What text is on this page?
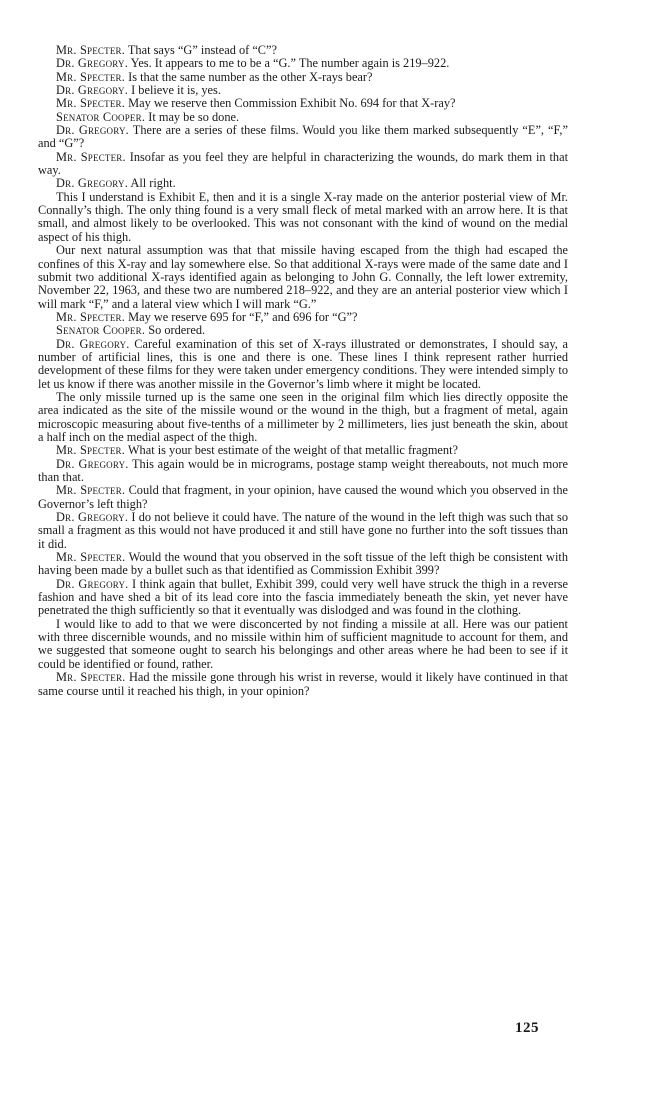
Mr. Specter. That says “G” instead of “C”?

Dr. Gregory. Yes. It appears to me to be a “G.” The number again is 219–922.

Mr. Specter. Is that the same number as the other X-rays bear?

Dr. Gregory. I believe it is, yes.

Mr. Specter. May we reserve then Commission Exhibit No. 694 for that X-ray?

Senator Cooper. It may be so done.

Dr. Gregory. There are a series of these films. Would you like them marked subsequently “E”, “F,” and “G”?

Mr. Specter. Insofar as you feel they are helpful in characterizing the wounds, do mark them in that way.

Dr. Gregory. All right.

This I understand is Exhibit E, then and it is a single X-ray made on the anterior posterial view of Mr. Connally’s thigh. The only thing found is a very small fleck of metal marked with an arrow here. It is that small, and almost likely to be overlooked. This was not consonant with the kind of wound on the medial aspect of his thigh.

Our next natural assumption was that that missile having escaped from the thigh had escaped the confines of this X-ray and lay somewhere else. So that additional X-rays were made of the same date and I submit two additional X-rays identified again as belonging to John G. Connally, the left lower extremity, November 22, 1963, and these two are numbered 218–922, and they are an anterial posterior view which I will mark “F,” and a lateral view which I will mark “G.”

Mr. Specter. May we reserve 695 for “F,” and 696 for “G”?

Senator Cooper. So ordered.

Dr. Gregory. Careful examination of this set of X-rays illustrated or demonstrates, I should say, a number of artificial lines, this is one and there is one. These lines I think represent rather hurried development of these films for they were taken under emergency conditions. They were intended simply to let us know if there was another missile in the Governor’s limb where it might be located.

The only missile turned up is the same one seen in the original film which lies directly opposite the area indicated as the site of the missile wound or the wound in the thigh, but a fragment of metal, again microscopic measuring about five-tenths of a millimeter by 2 millimeters, lies just beneath the skin, about a half inch on the medial aspect of the thigh.

Mr. Specter. What is your best estimate of the weight of that metallic fragment?

Dr. Gregory. This again would be in micrograms, postage stamp weight thereabouts, not much more than that.

Mr. Specter. Could that fragment, in your opinion, have caused the wound which you observed in the Governor’s left thigh?

Dr. Gregory. I do not believe it could have. The nature of the wound in the left thigh was such that so small a fragment as this would not have produced it and still have gone no further into the soft tissues than it did.

Mr. Specter. Would the wound that you observed in the soft tissue of the left thigh be consistent with having been made by a bullet such as that identified as Commission Exhibit 399?

Dr. Gregory. I think again that bullet, Exhibit 399, could very well have struck the thigh in a reverse fashion and have shed a bit of its lead core into the fascia immediately beneath the skin, yet never have penetrated the thigh sufficiently so that it eventually was dislodged and was found in the clothing.

I would like to add to that we were disconcerted by not finding a missile at all. Here was our patient with three discernible wounds, and no missile within him of sufficient magnitude to account for them, and we suggested that someone ought to search his belongings and other areas where he had been to see if it could be identified or found, rather.

Mr. Specter. Had the missile gone through his wrist in reverse, would it likely have continued in that same course until it reached his thigh, in your opinion?

125
